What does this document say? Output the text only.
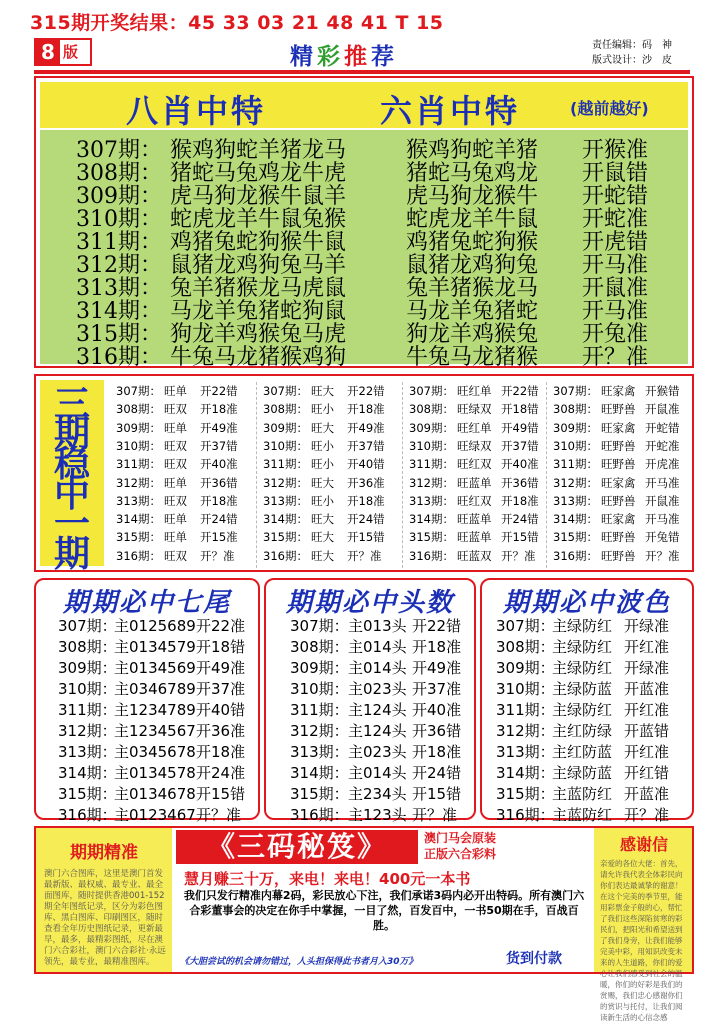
315期开奖结果：45 33 03 21 48 41 T 15
8 版	精彩推荐	责任编辑：码　神
版式设计：沙　皮
八肖中特	六肖中特	(越前越好)
307期： 猴鸡狗蛇羊猪龙马	猴鸡狗蛇羊猪 开猴准
308期： 猪蛇马兔鸡龙牛虎	猪蛇马兔鸡龙 开鼠错
309期： 虎马狗龙猴牛鼠羊	虎马狗龙猴牛 开蛇错
310期： 蛇虎龙羊牛鼠兔猴	蛇虎龙羊牛鼠 开蛇准
311期： 鸡猪兔蛇狗猴牛鼠	鸡猪兔蛇狗猴 开虎错
312期： 鼠猪龙鸡狗兔马羊	鼠猪龙鸡狗兔 开马准
313期： 兔羊猪猴龙马虎鼠	兔羊猪猴龙马 开鼠准
314期： 马龙羊兔猪蛇狗鼠	马龙羊兔猪蛇 开马准
315期： 狗龙羊鸡猴兔马虎	狗龙羊鸡猴兔 开兔准
316期： 牛兔马龙猪猴鸡狗	牛兔马龙猪猴 开？准
三
期
稳
中
一
期
307期： 旺单 开22错
308期： 旺双 开18准
309期： 旺单 开49准
310期： 旺双 开37错
311期： 旺双 开40准
312期： 旺单 开36错
313期： 旺双 开18准
314期： 旺单 开24错
315期： 旺单 开15准
316期： 旺双 开？准
307期： 旺大 开22错
308期： 旺小 开18准
309期： 旺大 开49准
310期： 旺小 开37错
311期： 旺小 开40错
312期： 旺大 开36准
313期： 旺小 开18准
314期： 旺大 开24错
315期： 旺大 开15错
316期： 旺大 开？准
307期： 旺红单 开22错
308期： 旺绿双 开18错
309期： 旺红单 开49错
310期： 旺绿双 开37错
311期： 旺红双 开40准
312期： 旺蓝单 开36错
313期： 旺红双 开18准
314期： 旺蓝单 开24错
315期： 旺蓝单 开15错
316期： 旺蓝双 开？准
307期： 旺家禽 开猴错
308期： 旺野兽 开鼠准
309期： 旺家禽 开蛇错
310期： 旺野兽 开蛇准
311期： 旺野兽 开虎准
312期： 旺家禽 开马准
313期： 旺野兽 开鼠准
314期： 旺家禽 开马准
315期： 旺野兽 开兔错
316期： 旺野兽 开？准
期期必中七尾
307期：
主0125689 开22准
308期：
主0134579 开18错
309期：
主0134569 开49准
310期：
主0346789 开37准
311期：
主1234789 开40错
312期：
主1234567 开36准
313期：
主0345678 开18准
314期：
主0134578 开24准
315期：
主0134678 开15错
316期：
主0123467 开？准
期期必中头数
307期： 主013头 开22错
308期： 主014头 开18准
309期： 主014头 开49准
310期： 主023头 开37准
311期： 主124头 开40准
312期： 主124头 开36错
313期： 主023头 开18准
314期： 主014头 开24错
315期： 主234头 开15错
316期： 主123头 开？准
期期必中波色
307期：
主绿防红 开绿准
308期：
主绿防红 开红准
309期：
主绿防红 开绿准
310期：
主绿防蓝 开蓝准
311期：
主绿防红 开红准
312期：
主红防绿 开蓝错
313期：
主红防蓝 开红准
314期：
主绿防蓝 开红错
315期：
主蓝防红 开蓝准
316期：
主蓝防红 开？准
期期精准

澳门六合图库，这里是澳门首发最新版、最权威、最专业、最全面图库，随时提供香港001-152期全年图纸记录，区分为彩色图库、黑白图库、印刷图区，随时查看全年历史图纸记录，更新最早，最多，最精彩图纸，尽在澳门六合彩社，澳门六合彩社·永远领先，最专业，最精准图库。

《三码秘笈》	澳门马会原装
正版六合彩料
慧月赚三十万，来电！来电！400元一本书
我们只发行精准内幕2码，彩民放心下注，我们承诺3码内必开出特码。所有澳门六合彩董事会的决定在你手中掌握，一目了然，百发百中，一书50期在手，百战百胜。
《大胆尝试的机会请勿错过，人头担保得此书者月入30万》	货到付款
感谢信
亲爱的各位大佬：首先，请允许我代表全体彩民向你们表达最诚挚的谢意！在这个完美的季节里，能用彩票金子般的心，帮忙了我们这些深陷贫寒的彩民们，把阳光和希望送到了我们身旁，让我们能够完美中彩，用知识改变未来的人生道路，你们的爱心让我们感受到社会的温暖，你们的好彩是我们的赏赐，我们忠心感谢你们的赏识与托付，让我们阅读新生活的心信念感
